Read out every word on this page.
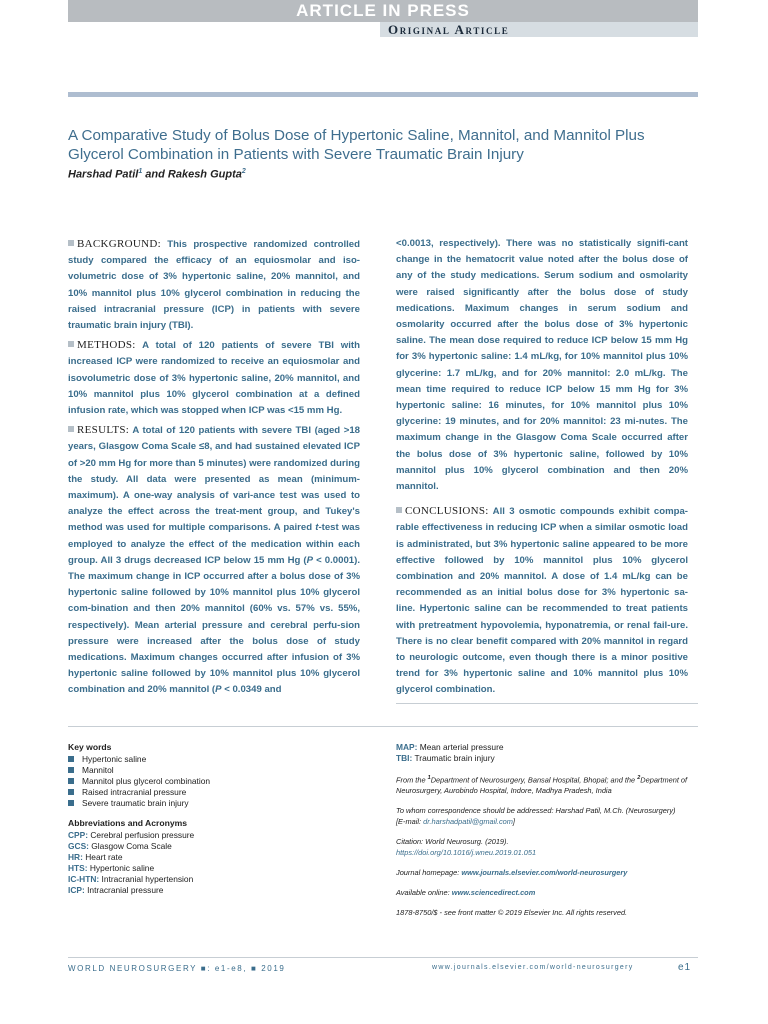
ARTICLE IN PRESS
Original Article
A Comparative Study of Bolus Dose of Hypertonic Saline, Mannitol, and Mannitol Plus Glycerol Combination in Patients with Severe Traumatic Brain Injury
Harshad Patil$^1$ and Rakesh Gupta$^2$

BACKGROUND: This prospective randomized controlled study compared the efficacy of an equiosmolar and iso-volumetric dose of 3% hypertonic saline, 20% mannitol, and 10% mannitol plus 10% glycerol combination in reducing the raised intracranial pressure (ICP) in patients with severe traumatic brain injury (TBI).

METHODS: A total of 120 patients of severe TBI with increased ICP were randomized to receive an equiosmolar and isovolumetric dose of 3% hypertonic saline, 20% mannitol, and 10% mannitol plus 10% glycerol combination at a defined infusion rate, which was stopped when ICP was <15 mm Hg.

RESULTS: A total of 120 patients with severe TBI (aged >18 years, Glasgow Coma Scale ≤8, and had sustained elevated ICP of >20 mm Hg for more than 5 minutes) were randomized during the study. All data were presented as mean (minimum-maximum). A one-way analysis of vari-ance test was used to analyze the effect across the treat-ment group, and Tukey's method was used for multiple comparisons. A paired t-test was employed to analyze the effect of the medication within each group. All 3 drugs decreased ICP below 15 mm Hg (P < 0.0001). The maximum change in ICP occurred after a bolus dose of 3% hypertonic saline followed by 10% mannitol plus 10% glycerol com-bination and then 20% mannitol (60% vs. 57% vs. 55%, respectively). Mean arterial pressure and cerebral perfu-sion pressure were increased after the bolus dose of study medications. Maximum changes occurred after infusion of 3% hypertonic saline followed by 10% mannitol plus 10% glycerol combination and 20% mannitol (P < 0.0349 and

<0.0013, respectively). There was no statistically signifi-cant change in the hematocrit value noted after the bolus dose of any of the study medications. Serum sodium and osmolarity were raised significantly after the bolus dose of study medications. Maximum changes in serum sodium and osmolarity occurred after the bolus dose of 3% hypertonic saline. The mean dose required to reduce ICP below 15 mm Hg for 3% hypertonic saline: 1.4 mL/kg, for 10% mannitol plus 10% glycerine: 1.7 mL/kg, and for 20% mannitol: 2.0 mL/kg. The mean time required to reduce ICP below 15 mm Hg for 3% hypertonic saline: 16 minutes, for 10% mannitol plus 10% glycerine: 19 minutes, and for 20% mannitol: 23 mi-nutes. The maximum change in the Glasgow Coma Scale occurred after the bolus dose of 3% hypertonic saline, followed by 10% mannitol plus 10% glycerol combination and then 20% mannitol.

CONCLUSIONS: All 3 osmotic compounds exhibit compa-rable effectiveness in reducing ICP when a similar osmotic load is administrated, but 3% hypertonic saline appeared to be more effective followed by 10% mannitol plus 10% glycerol combination and 20% mannitol. A dose of 1.4 mL/kg can be recommended as an initial bolus dose for 3% hypertonic sa-line. Hypertonic saline can be recommended to treat patients with pretreatment hypovolemia, hyponatremia, or renal fail-ure. There is no clear benefit compared with 20% mannitol in regard to neurologic outcome, even though there is a minor positive trend for 3% hypertonic saline and 10% mannitol plus 10% glycerol combination.

Key words
Hypertonic saline
Mannitol
Mannitol plus glycerol combination
Raised intracranial pressure
Severe traumatic brain injury
Abbreviations and Acronyms
CPP: Cerebral perfusion pressure
GCS: Glasgow Coma Scale
HR: Heart rate
HTS: Hypertonic saline
IC-HTN: Intracranial hypertension
ICP: Intracranial pressure
MAP: Mean arterial pressure
TBI: Traumatic brain injury
From the $^1$Department of Neurosurgery, Bansal Hospital, Bhopal; and the $^2$Department of Neurosurgery, Aurobindo Hospital, Indore, Madhya Pradesh, India
To whom correspondence should be addressed: Harshad Patil, M.Ch. (Neurosurgery)
[E-mail: dr.harshadpatil@gmail.com]
Citation: World Neurosurg. (2019).
https://doi.org/10.1016/j.wneu.2019.01.051
Journal homepage: www.journals.elsevier.com/world-neurosurgery
Available online: www.sciencedirect.com
1878-8750/$ - see front matter © 2019 Elsevier Inc. All rights reserved.
WORLD NEUROSURGERY ■: e1-e8, ■ 2019	www.journals.elsevier.com/world-neurosurgery	e1
